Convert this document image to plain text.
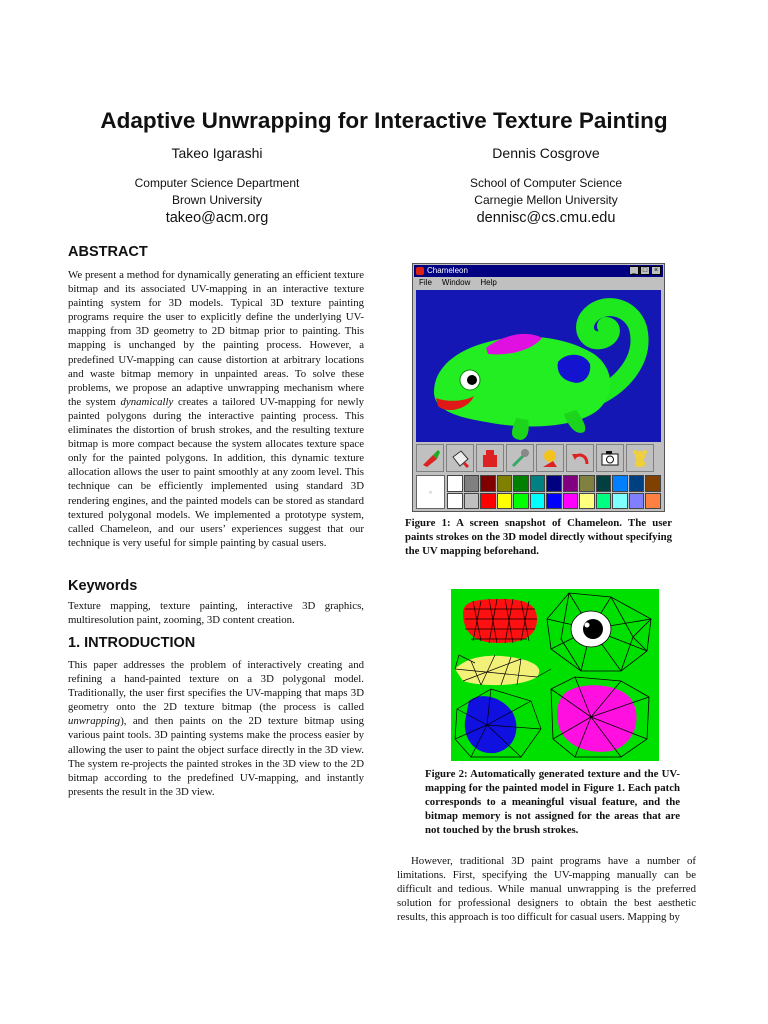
Adaptive Unwrapping for Interactive Texture Painting
Takeo Igarashi
Computer Science Department
Brown University
takeo@acm.org
Dennis Cosgrove
School of Computer Science
Carnegie Mellon University
dennisc@cs.cmu.edu
ABSTRACT
We present a method for dynamically generating an efficient texture bitmap and its associated UV-mapping in an interactive texture painting system for 3D models. Typical 3D texture painting programs require the user to explicitly define the underlying UV-mapping from 3D geometry to 2D bitmap prior to painting. This mapping is unchanged by the painting process. However, a predefined UV-mapping can cause distortion at arbitrary locations and waste bitmap memory in unpainted areas. To solve these problems, we propose an adaptive unwrapping mechanism where the system dynamically creates a tailored UV-mapping for newly painted polygons during the interactive painting process. This eliminates the distortion of brush strokes, and the resulting texture bitmap is more compact because the system allocates texture space only for the painted polygons. In addition, this dynamic texture allocation allows the user to paint smoothly at any zoom level. This technique can be efficiently implemented using standard 3D rendering engines, and the painted models can be stored as standard textured polygonal models. We implemented a prototype system, called Chameleon, and our users’ experiences suggest that our technique is very useful for simple painting by casual users.
Keywords
Texture mapping, texture painting, interactive 3D graphics, multiresolution paint, zooming, 3D content creation.
1. INTRODUCTION
This paper addresses the problem of interactively creating and refining a hand-painted texture on a 3D polygonal model. Traditionally, the user first specifies the UV-mapping that maps 3D geometry onto the 2D texture bitmap (the process is called unwrapping), and then paints on the 2D texture bitmap using various paint tools. 3D painting systems make the process easier by allowing the user to paint the object surface directly in the 3D view. The system re-projects the painted strokes in the 3D view to the 2D bitmap according to the predefined UV-mapping, and instantly presents the result in the 3D view.
Chameleon	_ □ ×
File Window Help
◦
Figure 1: A screen snapshot of Chameleon. The user paints strokes on the 3D model directly without specifying the UV mapping beforehand.
Figure 2: Automatically generated texture and the UV-mapping for the painted model in Figure 1. Each patch corresponds to a meaningful visual feature, and the bitmap memory is not assigned for the areas that are not touched by the brush strokes.
However, traditional 3D paint programs have a number of limitations. First, specifying the UV-mapping manually can be difficult and tedious. While manual unwrapping is the preferred solution for professional designers to obtain the best aesthetic results, this approach is too difficult for casual users. Mapping by
